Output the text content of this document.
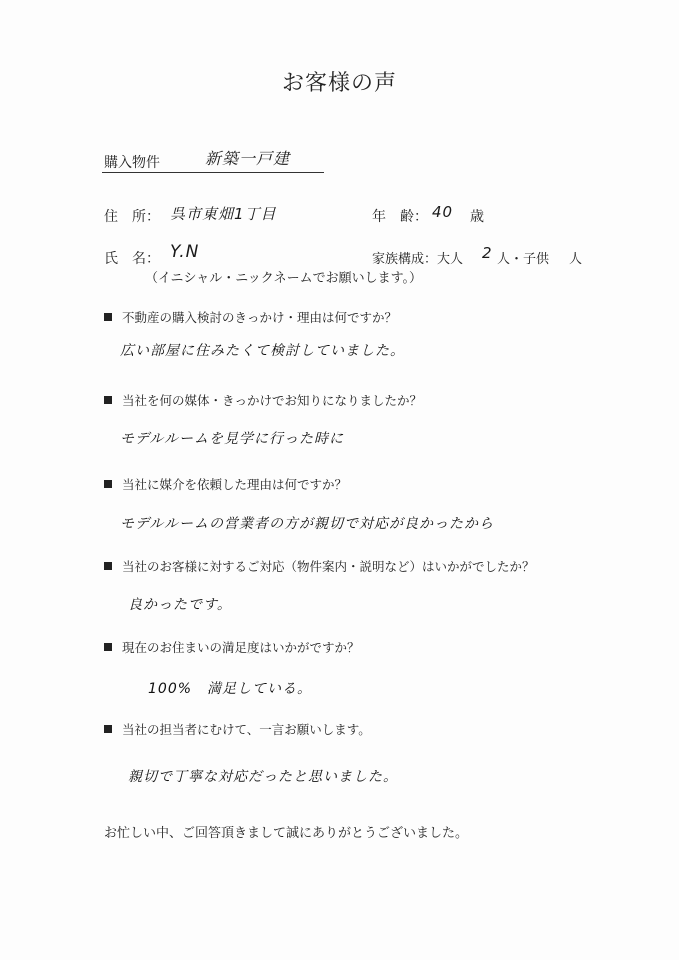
お客様の声
購入物件	新築一戸建
住　所： 呉市東畑1丁目	年　齢： 40 歳
氏　名： Y.N
（イニシャル・ニックネームでお願いします。）
家族構成：大人 2 人・子供 人
不動産の購入検討のきっかけ・理由は何ですか？
広い部屋に住みたくて検討していました。
当社を何の媒体・きっかけでお知りになりましたか？
モデルルームを見学に行った時に
当社に媒介を依頼した理由は何ですか？
モデルルームの営業者の方が親切で対応が良かったから
当社のお客様に対するご対応（物件案内・説明など）はいかがでしたか？
良かったです。
現在のお住まいの満足度はいかがですか？
100%　満足している。
当社の担当者にむけて、一言お願いします。
親切で丁寧な対応だったと思いました。
お忙しい中、ご回答頂きまして誠にありがとうございました。
